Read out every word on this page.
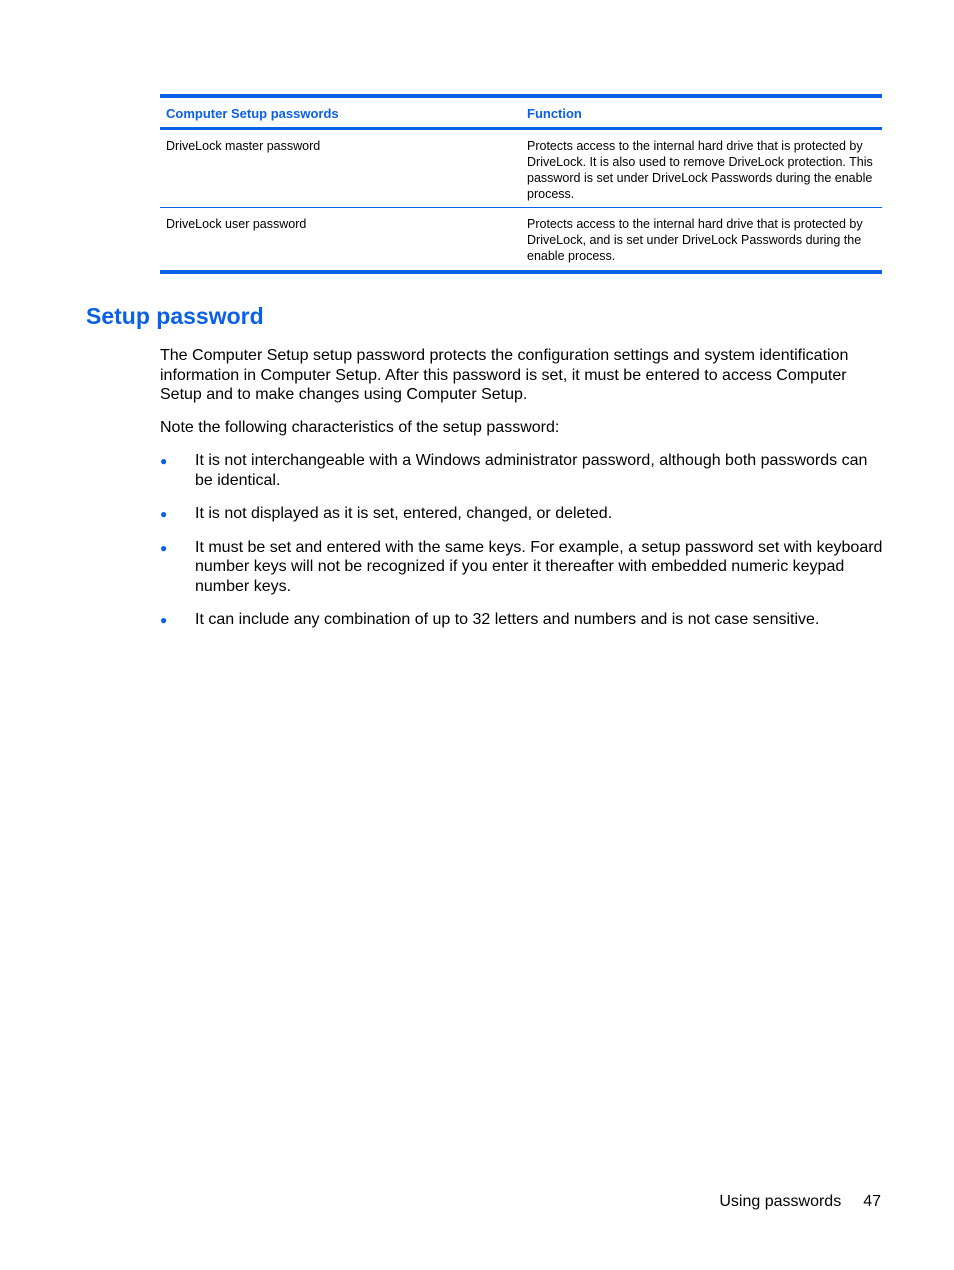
Computer Setup passwords	Function
DriveLock master password	Protects access to the internal hard drive that is protected by DriveLock. It is also used to remove DriveLock protection. This password is set under DriveLock Passwords during the enable process.
DriveLock user password	Protects access to the internal hard drive that is protected by DriveLock, and is set under DriveLock Passwords during the enable process.
Setup password

The Computer Setup setup password protects the configuration settings and system identification information in Computer Setup. After this password is set, it must be entered to access Computer Setup and to make changes using Computer Setup.

Note the following characteristics of the setup password:

● It is not interchangeable with a Windows administrator password, although both passwords can be identical.
● It is not displayed as it is set, entered, changed, or deleted.
● It must be set and entered with the same keys. For example, a setup password set with keyboard number keys will not be recognized if you enter it thereafter with embedded numeric keypad number keys.
● It can include any combination of up to 32 letters and numbers and is not case sensitive.
Using passwords 47
